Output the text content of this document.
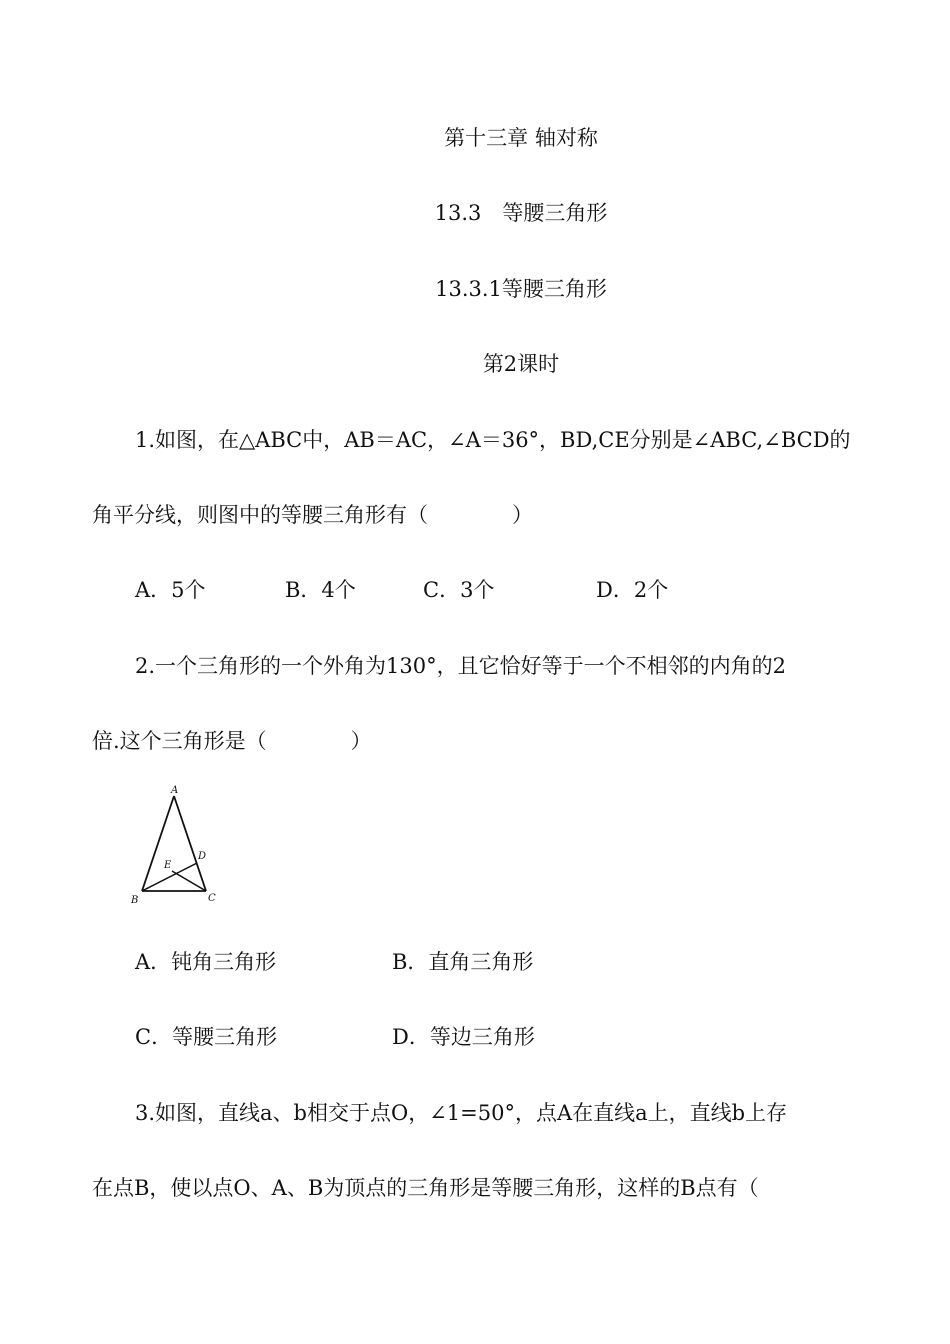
第十三章 轴对称
13.3　等腰三角形
13.3.1等腰三角形
第2课时
1.如图，在△ABC中，AB＝AC，∠A＝36°，BD,CE分别是∠ABC,∠BCD的
角平分线，则图中的等腰三角形有（　　　　）
A．5个	B．4个	C．3个	D．2个
2.一个三角形的一个外角为130°，且它恰好等于一个不相邻的内角的2
倍.这个三角形是（　　　　）
A
B	C
D
E
A．钝角三角形	B．直角三角形
C．等腰三角形	D．等边三角形
3.如图，直线a、b相交于点O，∠1=50°，点A在直线a上，直线b上存
在点B，使以点O、A、B为顶点的三角形是等腰三角形，这样的B点有（
